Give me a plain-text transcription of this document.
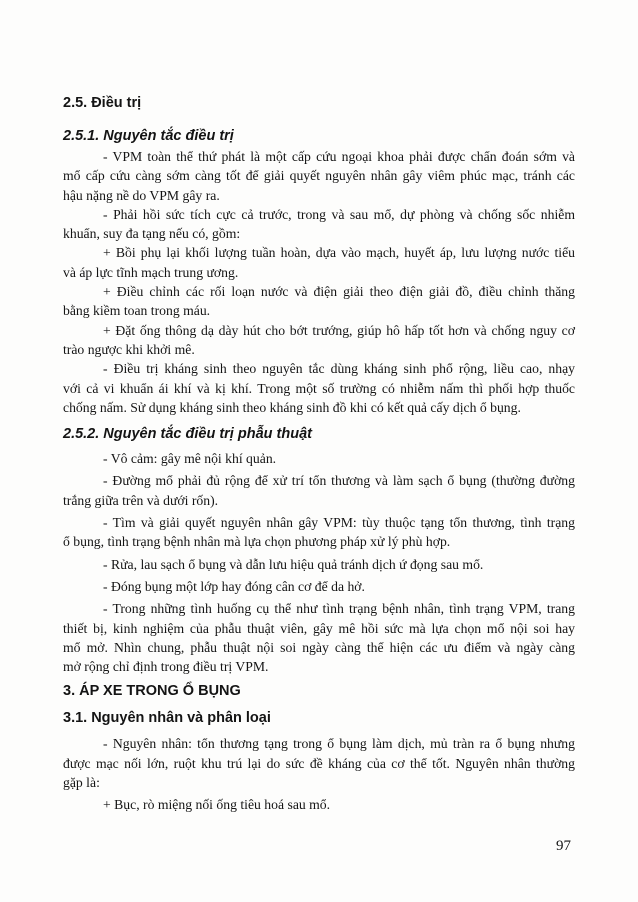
2.5. Điều trị
2.5.1. Nguyên tắc điều trị
- VPM toàn thể thứ phát là một cấp cứu ngoại khoa phải được chẩn đoán sớm và
mổ cấp cứu càng sớm càng tốt để giải quyết nguyên nhân gây viêm phúc mạc, tránh các
hậu nặng nề do VPM gây ra.
- Phải hồi sức tích cực cả trước, trong và sau mổ, dự phòng và chống sốc nhiễm
khuẩn, suy đa tạng nếu có, gồm:
+ Bồi phụ lại khối lượng tuần hoàn, dựa vào mạch, huyết áp, lưu lượng nước tiểu
và áp lực tĩnh mạch trung ương.
+ Điều chỉnh các rối loạn nước và điện giải theo điện giải đồ, điều chỉnh thăng
bằng kiềm toan trong máu.
+ Đặt ống thông dạ dày hút cho bớt trướng, giúp hô hấp tốt hơn và chống nguy cơ
trào ngược khi khởi mê.
- Điều trị kháng sinh theo nguyên tắc dùng kháng sinh phổ rộng, liều cao, nhạy
với cả vi khuẩn ái khí và kị khí. Trong một số trường có nhiễm nấm thì phối hợp thuốc
chống nấm. Sử dụng kháng sinh theo kháng sinh đồ khi có kết quả cấy dịch ổ bụng.
2.5.2. Nguyên tắc điều trị phẫu thuật
- Vô cảm: gây mê nội khí quản.
- Đường mổ phải đủ rộng để xử trí tổn thương và làm sạch ổ bụng (thường đường
trắng giữa trên và dưới rốn).
- Tìm và giải quyết nguyên nhân gây VPM: tùy thuộc tạng tổn thương, tình trạng
ổ bụng, tình trạng bệnh nhân mà lựa chọn phương pháp xử lý phù hợp.
- Rửa, lau sạch ổ bụng và dẫn lưu hiệu quả tránh dịch ứ đọng sau mổ.
- Đóng bụng một lớp hay đóng cân cơ để da hở.
- Trong những tình huống cụ thể như tình trạng bệnh nhân, tình trạng VPM, trang
thiết bị, kinh nghiệm của phẫu thuật viên, gây mê hồi sức mà lựa chọn mổ nội soi hay
mổ mở. Nhìn chung, phẫu thuật nội soi ngày càng thể hiện các ưu điểm và ngày càng
mở rộng chỉ định trong điều trị VPM.
3. ÁP XE TRONG Ổ BỤNG
3.1. Nguyên nhân và phân loại
- Nguyên nhân: tổn thương tạng trong ổ bụng làm dịch, mủ tràn ra ổ bụng nhưng
được mạc nối lớn, ruột khu trú lại do sức đề kháng của cơ thể tốt. Nguyên nhân thường
gặp là:
+ Bục, rò miệng nối ống tiêu hoá sau mổ.
97
